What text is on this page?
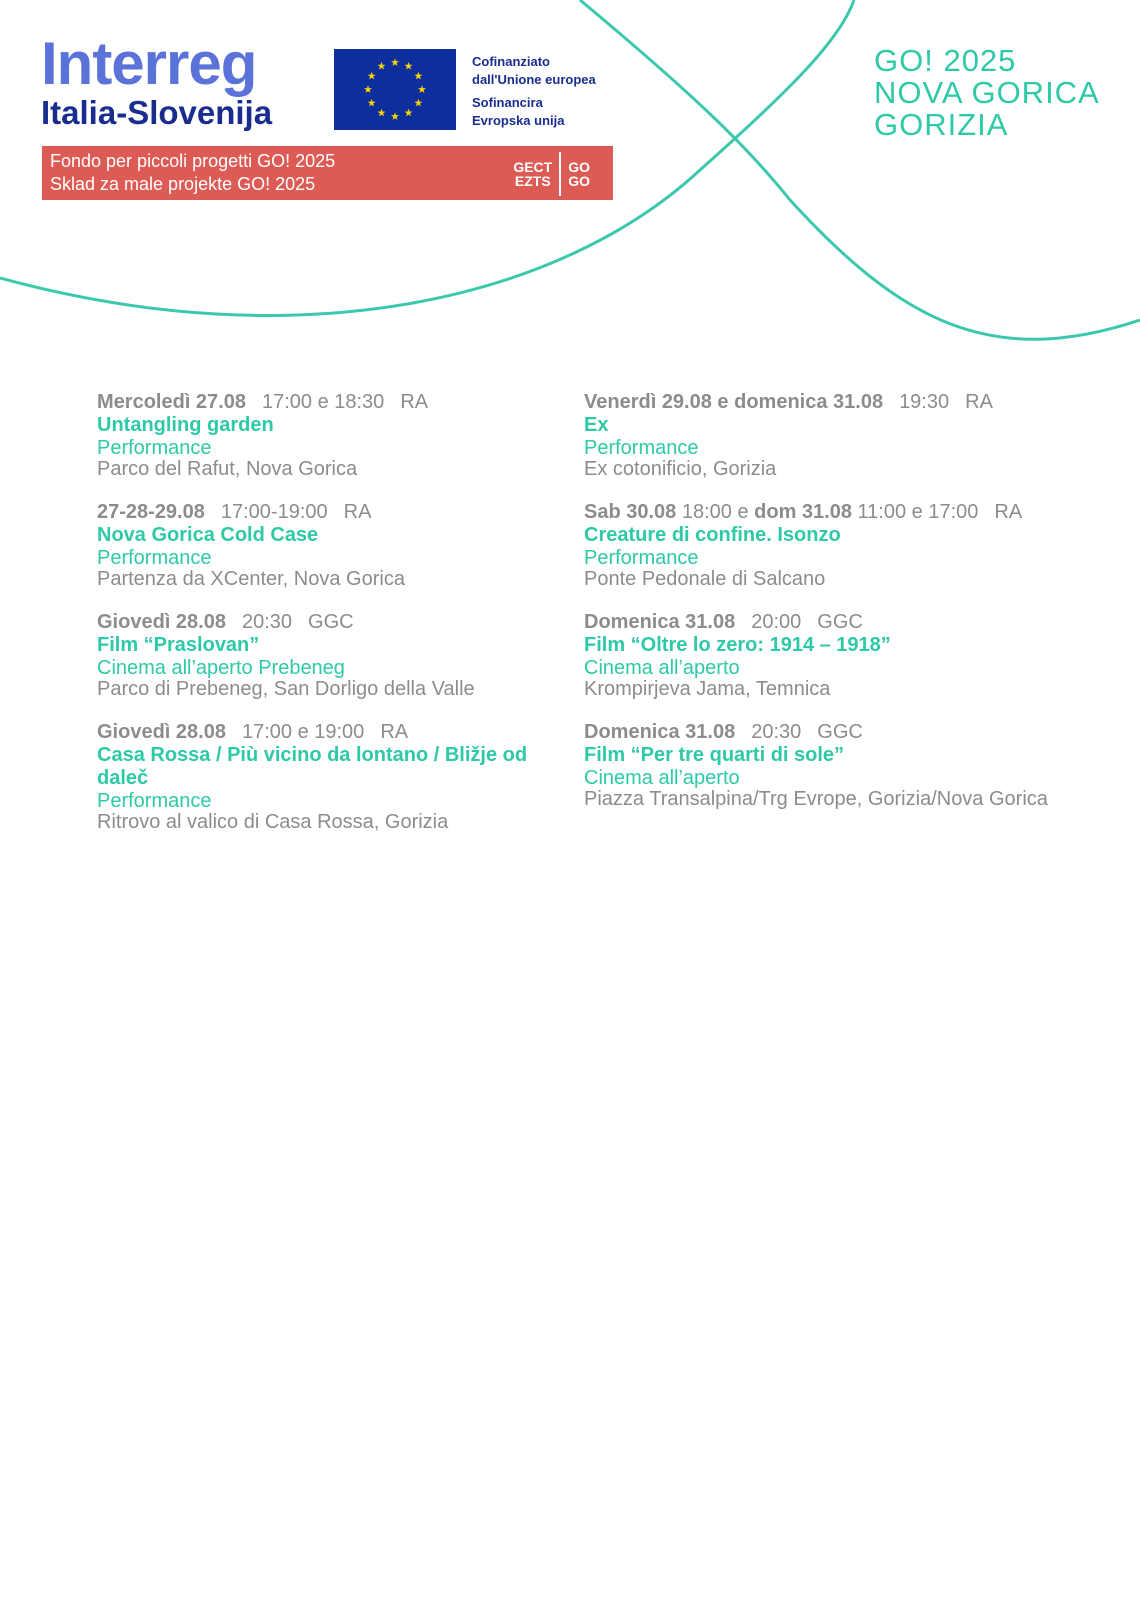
Interreg
Italia-Slovenija
Cofinanziato
dall'Unione europea
Sofinancira
Evropska unija
Fondo per piccoli progetti GO! 2025
Sklad za male projekte GO! 2025
GECT
EZTS
GO
GO
GO! 2025
NOVA GORICA
GORIZIA
Mercoledì 27.08 17:00 e 18:30 RA
Untangling garden
Performance
Parco del Rafut, Nova Gorica
27-28-29.08 17:00-19:00 RA
Nova Gorica Cold Case
Performance
Partenza da XCenter, Nova Gorica
Giovedì 28.08 20:30 GGC
Film “Praslovan”
Cinema all’aperto Prebeneg
Parco di Prebeneg, San Dorligo della Valle
Giovedì 28.08 17:00 e 19:00 RA
Casa Rossa / Più vicino da lontano / Bližje od daleč
Performance
Ritrovo al valico di Casa Rossa, Gorizia
Venerdì 29.08 e domenica 31.08 19:30 RA
Ex
Performance
Ex cotonificio, Gorizia
Sab 30.08 18:00 e dom 31.08 11:00 e 17:00 RA
Creature di confine. Isonzo
Performance
Ponte Pedonale di Salcano
Domenica 31.08 20:00 GGC
Film “Oltre lo zero: 1914 – 1918”
Cinema all’aperto
Krompirjeva Jama, Temnica
Domenica 31.08 20:30 GGC
Film “Per tre quarti di sole”
Cinema all’aperto
Piazza Transalpina/Trg Evrope, Gorizia/Nova Gorica
